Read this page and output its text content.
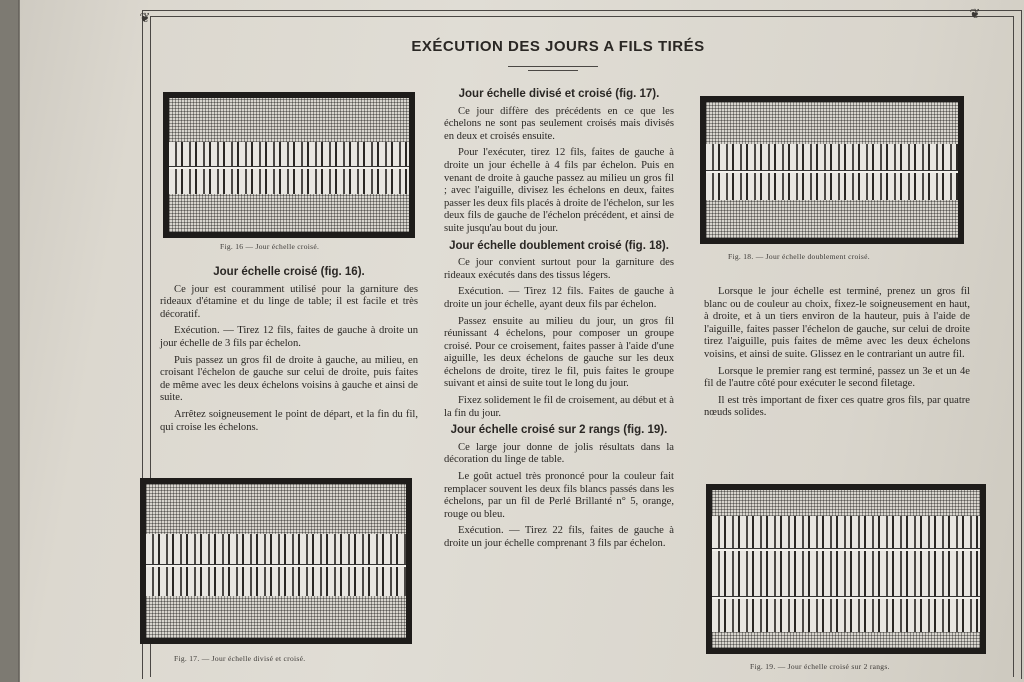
❦	❦
EXÉCUTION DES JOURS A FILS TIRÉS
Fig. 16 — Jour échelle croisé.
Fig. 17. — Jour échelle divisé et croisé.
Fig. 18. — Jour échelle doublement croisé.
Fig. 19. — Jour échelle croisé sur 2 rangs.
Jour échelle croisé (fig. 16).

Ce jour est couramment utilisé pour la garniture des rideaux d'étamine et du linge de table; il est facile et très décoratif.

Exécution. — Tirez 12 fils, faites de gauche à droite un jour échelle de 3 fils par échelon.

Puis passez un gros fil de droite à gauche, au milieu, en croisant l'échelon de gauche sur celui de droite, puis faites de même avec les deux échelons voisins à gauche et ainsi de suite.

Arrêtez soigneusement le point de départ, et la fin du fil, qui croise les échelons.

Jour échelle divisé et croisé (fig. 17).

Ce jour diffère des précédents en ce que les échelons ne sont pas seulement croisés mais divisés en deux et croisés ensuite.

Pour l'exécuter, tirez 12 fils, faites de gauche à droite un jour échelle à 4 fils par échelon. Puis en venant de droite à gauche passez au milieu un gros fil ; avec l'aiguille, divisez les échelons en deux, faites passer les deux fils placés à droite de l'échelon, sur les deux fils de gauche de l'échelon précédent, et ainsi de suite jusqu'au bout du jour.

Jour échelle doublement croisé (fig. 18).

Ce jour convient surtout pour la garniture des rideaux exécutés dans des tissus légers.

Exécution. — Tirez 12 fils. Faites de gauche à droite un jour échelle, ayant deux fils par échelon.

Passez ensuite au milieu du jour, un gros fil réunissant 4 échelons, pour composer un groupe croisé. Pour ce croisement, faites passer à l'aide d'une aiguille, les deux échelons de gauche sur les deux échelons de droite, tirez le fil, puis faites le groupe suivant et ainsi de suite tout le long du jour.

Fixez solidement le fil de croisement, au début et à la fin du jour.

Jour échelle croisé sur 2 rangs (fig. 19).

Ce large jour donne de jolis résultats dans la décoration du linge de table.

Le goût actuel très prononcé pour la couleur fait remplacer souvent les deux fils blancs passés dans les échelons, par un fil de Perlé Brillanté n° 5, orange, rouge ou bleu.

Exécution. — Tirez 22 fils, faites de gauche à droite un jour échelle comprenant 3 fils par échelon.

Lorsque le jour échelle est terminé, prenez un gros fil blanc ou de couleur au choix, fixez-le soigneusement en haut, à droite, et à un tiers environ de la hauteur, puis à l'aide de l'aiguille, faites passer l'échelon de gauche, sur celui de droite tirez l'aiguille, puis faites de même avec les deux échelons voisins, et ainsi de suite. Glissez en le contrariant un autre fil.

Lorsque le premier rang est terminé, passez un 3e et un 4e fil de l'autre côté pour exécuter le second filetage.

Il est très important de fixer ces quatre gros fils, par quatre nœuds solides.
